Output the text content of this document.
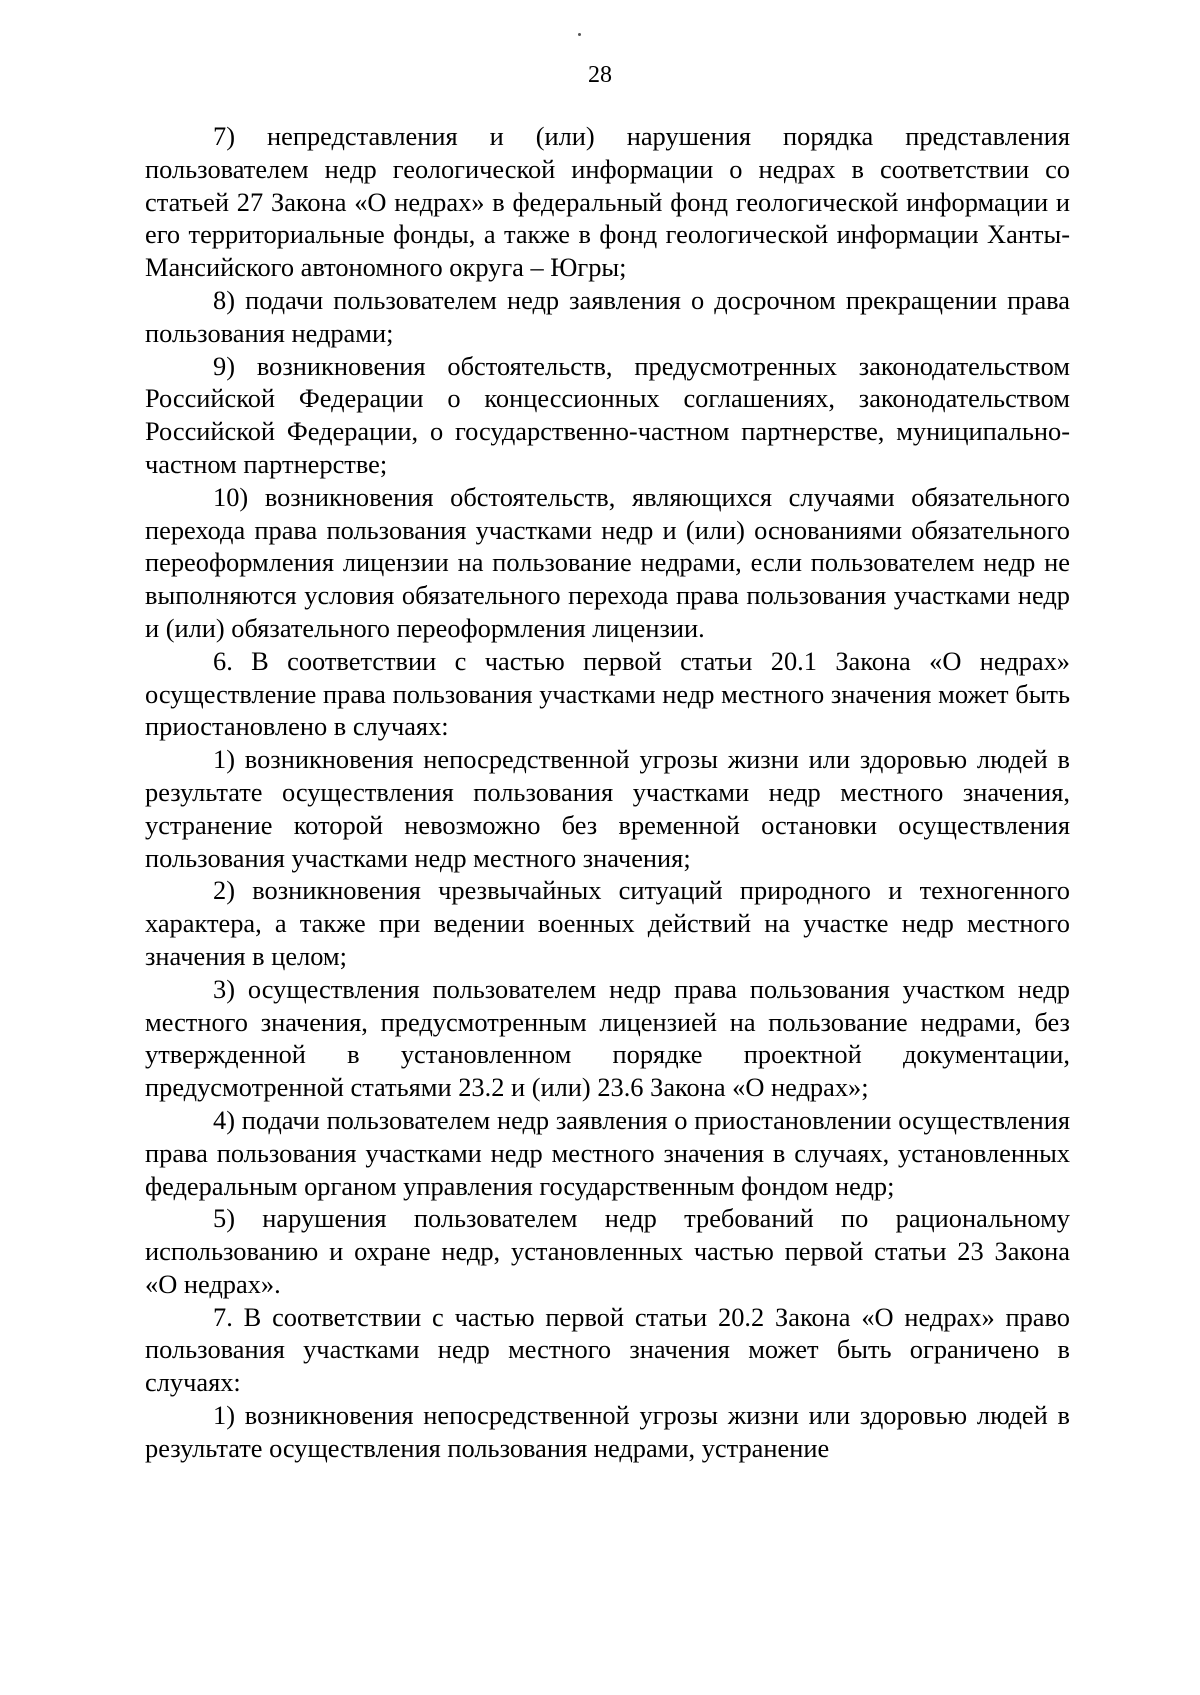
28

7) непредставления и (или) нарушения порядка представления пользователем недр геологической информации о недрах в соответствии со статьей 27 Закона «О недрах» в федеральный фонд геологической информации и его территориальные фонды, а также в фонд геологической информации Ханты-Мансийского автономного округа – Югры;

8) подачи пользователем недр заявления о досрочном прекращении права пользования недрами;

9) возникновения обстоятельств, предусмотренных законодательством Российской Федерации о концессионных соглашениях, законодательством Российской Федерации, о государственно-частном партнерстве, муниципально-частном партнерстве;

10) возникновения обстоятельств, являющихся случаями обязательного перехода права пользования участками недр и (или) основаниями обязательного переоформления лицензии на пользование недрами, если пользователем недр не выполняются условия обязательного перехода права пользования участками недр и (или) обязательного переоформления лицензии.

6. В соответствии с частью первой статьи 20.1 Закона «О недрах» осуществление права пользования участками недр местного значения может быть приостановлено в случаях:

1) возникновения непосредственной угрозы жизни или здоровью людей в результате осуществления пользования участками недр местного значения, устранение которой невозможно без временной остановки осуществления пользования участками недр местного значения;

2) возникновения чрезвычайных ситуаций природного и техногенного характера, а также при ведении военных действий на участке недр местного значения в целом;

3) осуществления пользователем недр права пользования участком недр местного значения, предусмотренным лицензией на пользование недрами, без утвержденной в установленном порядке проектной документации, предусмотренной статьями 23.2 и (или) 23.6 Закона «О недрах»;

4) подачи пользователем недр заявления о приостановлении осуществления права пользования участками недр местного значения в случаях, установленных федеральным органом управления государственным фондом недр;

5) нарушения пользователем недр требований по рациональному использованию и охране недр, установленных частью первой статьи 23 Закона «О недрах».

7. В соответствии с частью первой статьи 20.2 Закона «О недрах» право пользования участками недр местного значения может быть ограничено в случаях:

1) возникновения непосредственной угрозы жизни или здоровью людей в результате осуществления пользования недрами, устранение
